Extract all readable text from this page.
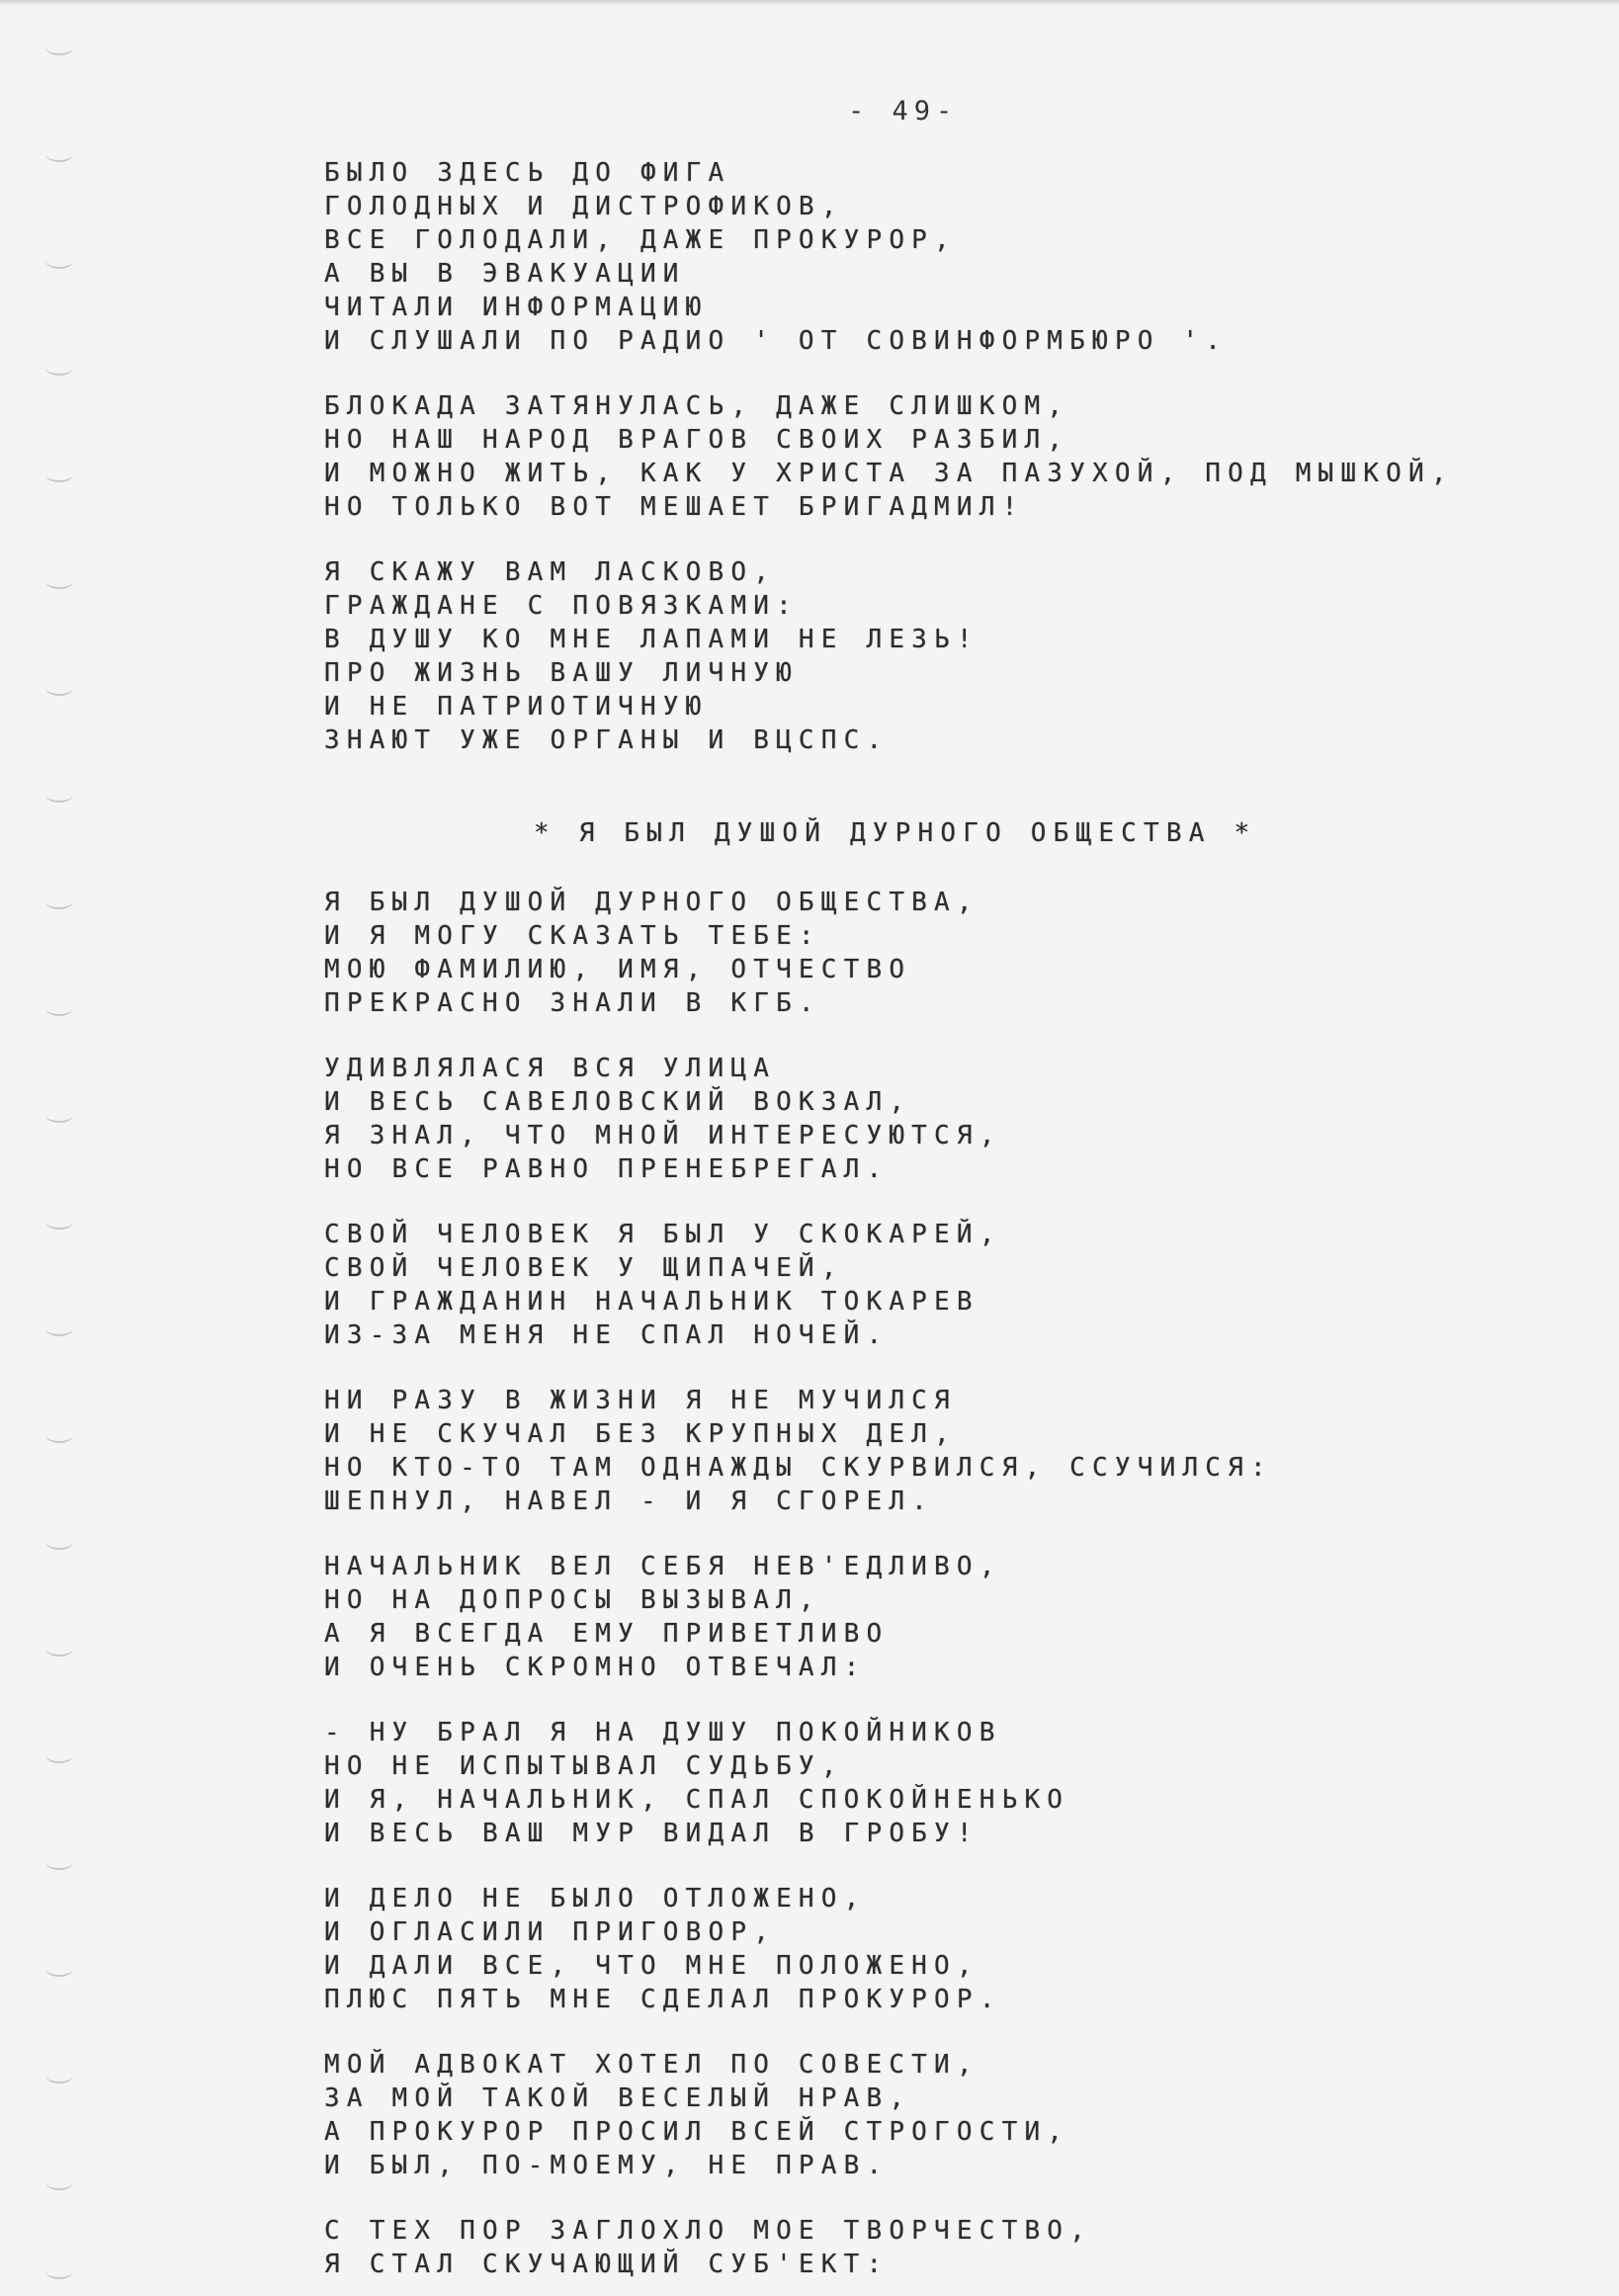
- 49-
БЫЛО ЗДЕСЬ ДО ФИГА
ГОЛОДНЫХ И ДИСТРОФИКОВ,
ВСЕ ГОЛОДАЛИ, ДАЖЕ ПРОКУРОР,
А ВЫ В ЭВАКУАЦИИ
ЧИТАЛИ ИНФОРМАЦИЮ
И СЛУШАЛИ ПО РАДИО ' ОТ СОВИНФОРМБЮРО '.
БЛОКАДА ЗАТЯНУЛАСЬ, ДАЖЕ СЛИШКОМ,
НО НАШ НАРОД ВРАГОВ СВОИХ РАЗБИЛ,
И МОЖНО ЖИТЬ, КАК У ХРИСТА ЗА ПАЗУХОЙ, ПОД МЫШКОЙ,
НО ТОЛЬКО ВОТ МЕШАЕТ БРИГАДМИЛ!
Я СКАЖУ ВАМ ЛАСКОВО,
ГРАЖДАНЕ С ПОВЯЗКАМИ:
В ДУШУ КО МНЕ ЛАПАМИ НЕ ЛЕЗЬ!
ПРО ЖИЗНЬ ВАШУ ЛИЧНУЮ
И НЕ ПАТРИОТИЧНУЮ
ЗНАЮТ УЖЕ ОРГАНЫ И ВЦСПС.
* Я БЫЛ ДУШОЙ ДУРНОГО ОБЩЕСТВА *
Я БЫЛ ДУШОЙ ДУРНОГО ОБЩЕСТВА,
И Я МОГУ СКАЗАТЬ ТЕБЕ:
МОЮ ФАМИЛИЮ, ИМЯ, ОТЧЕСТВО
ПРЕКРАСНО ЗНАЛИ В КГБ.
УДИВЛЯЛАСЯ ВСЯ УЛИЦА
И ВЕСЬ САВЕЛОВСКИЙ ВОКЗАЛ,
Я ЗНАЛ, ЧТО МНОЙ ИНТЕРЕСУЮТСЯ,
НО ВСЕ РАВНО ПРЕНЕБРЕГАЛ.
СВОЙ ЧЕЛОВЕК Я БЫЛ У СКОКАРЕЙ,
СВОЙ ЧЕЛОВЕК У ЩИПАЧЕЙ,
И ГРАЖДАНИН НАЧАЛЬНИК ТОКАРЕВ
ИЗ-ЗА МЕНЯ НЕ СПАЛ НОЧЕЙ.
НИ РАЗУ В ЖИЗНИ Я НЕ МУЧИЛСЯ
И НЕ СКУЧАЛ БЕЗ КРУПНЫХ ДЕЛ,
НО КТО-ТО ТАМ ОДНАЖДЫ СКУРВИЛСЯ, ССУЧИЛСЯ:
ШЕПНУЛ, НАВЕЛ - И Я СГОРЕЛ.
НАЧАЛЬНИК ВЕЛ СЕБЯ НЕВ'ЕДЛИВО,
НО НА ДОПРОСЫ ВЫЗЫВАЛ,
А Я ВСЕГДА ЕМУ ПРИВЕТЛИВО
И ОЧЕНЬ СКРОМНО ОТВЕЧАЛ:
- НУ БРАЛ Я НА ДУШУ ПОКОЙНИКОВ
НО НЕ ИСПЫТЫВАЛ СУДЬБУ,
И Я, НАЧАЛЬНИК, СПАЛ СПОКОЙНЕНЬКО
И ВЕСЬ ВАШ МУР ВИДАЛ В ГРОБУ!
И ДЕЛО НЕ БЫЛО ОТЛОЖЕНО,
И ОГЛАСИЛИ ПРИГОВОР,
И ДАЛИ ВСЕ, ЧТО МНЕ ПОЛОЖЕНО,
ПЛЮС ПЯТЬ МНЕ СДЕЛАЛ ПРОКУРОР.
МОЙ АДВОКАТ ХОТЕЛ ПО СОВЕСТИ,
ЗА МОЙ ТАКОЙ ВЕСЕЛЫЙ НРАВ,
А ПРОКУРОР ПРОСИЛ ВСЕЙ СТРОГОСТИ,
И БЫЛ, ПО-МОЕМУ, НЕ ПРАВ.
С ТЕХ ПОР ЗАГЛОХЛО МОЕ ТВОРЧЕСТВО,
Я СТАЛ СКУЧАЮЩИЙ СУБ'ЕКТ:
